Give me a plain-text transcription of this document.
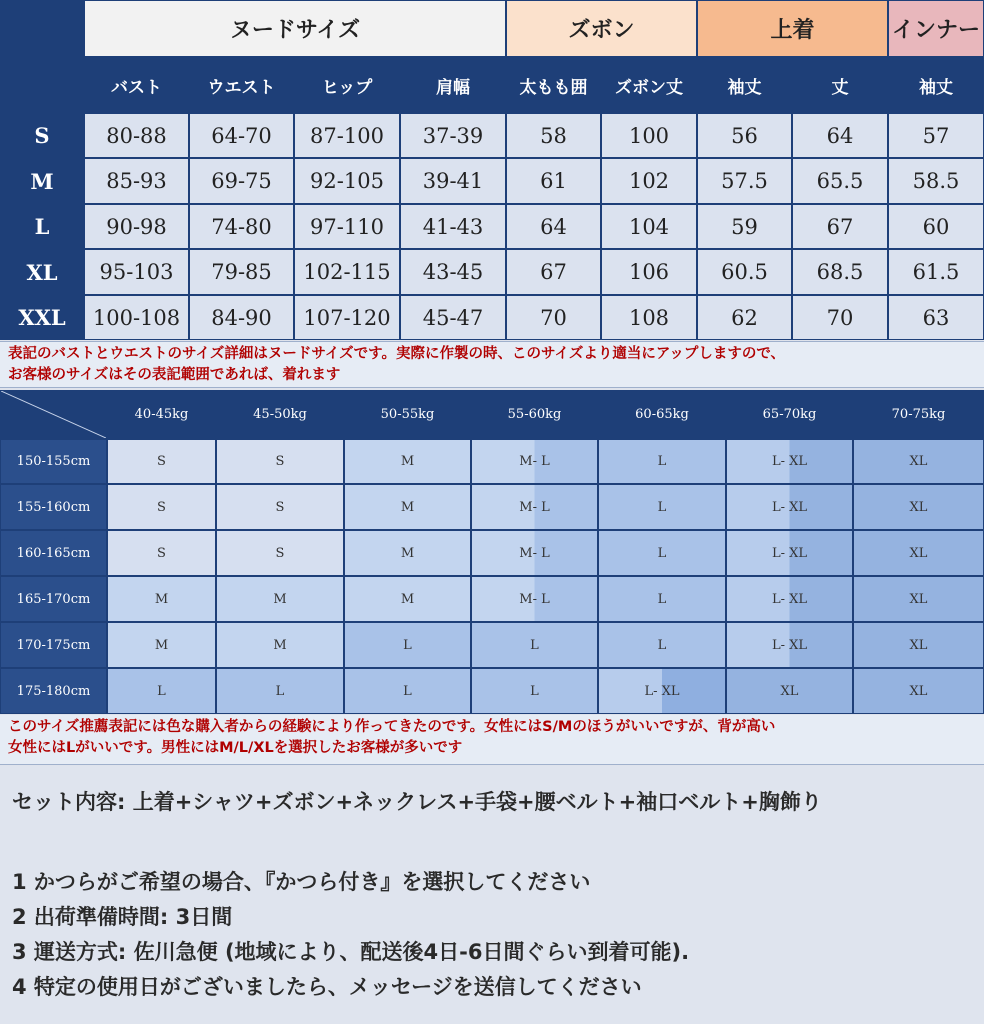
ヌードサイズ	ズボン	上着	インナー
バスト	ウエスト	ヒップ	肩幅	太もも囲	ズボン丈	袖丈	丈	袖丈
S	80-88	64-70	87-100	37-39	58	100	56	64	57
M	85-93	69-75	92-105	39-41	61	102	57.5	65.5	58.5
L	90-98	74-80	97-110	41-43	64	104	59	67	60
XL	95-103	79-85	102-115	43-45	67	106	60.5	68.5	61.5
XXL	100-108	84-90	107-120	45-47	70	108	62	70	63
表記のバストとウエストのサイズ詳細はヌードサイズです。実際に作製の時、このサイズより適当にアップしますので、
お客様のサイズはその表記範囲であれば、着れます
40-45kg	45-50kg	50-55kg	55-60kg	60-65kg	65-70kg	70-75kg
150-155cm	S	S	M	M- L	L	L- XL	XL
155-160cm	S	S	M	M- L	L	L- XL	XL
160-165cm	S	S	M	M- L	L	L- XL	XL
165-170cm	M	M	M	M- L	L	L- XL	XL
170-175cm	M	M	L	L	L	L- XL	XL
175-180cm	L	L	L	L	L- XL	XL	XL
このサイズ推薦表記には色な購入者からの経験により作ってきたのです。女性にはS/Mのほうがいいですが、背が高い
女性にはLがいいです。男性にはM/L/XLを選択したお客様が多いです
セット内容: 上着+シャツ+ズボン+ネックレス+手袋+腰ベルト+袖口ベルト+胸飾り
1 かつらがご希望の場合、『かつら付き』を選択してください
2 出荷準備時間: 3日間
3 運送方式: 佐川急便 (地域により、配送後4日-6日間ぐらい到着可能).
4 特定の使用日がございましたら、メッセージを送信してください
